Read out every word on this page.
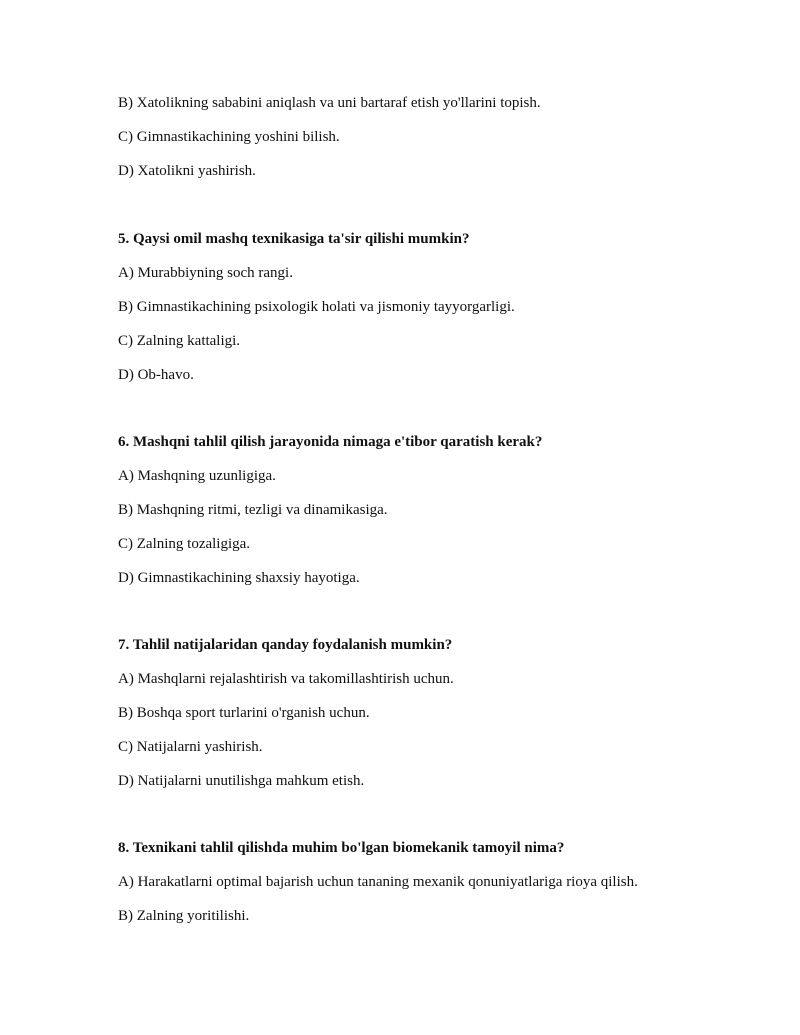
B) Xatolikning sababini aniqlash va uni bartaraf etish yo'llarini topish.
C) Gimnastikachining yoshini bilish.
D) Xatolikni yashirish.
5. Qaysi omil mashq texnikasiga ta'sir qilishi mumkin?
A) Murabbiyning soch rangi.
B) Gimnastikachining psixologik holati va jismoniy tayyorgarligi.
C) Zalning kattaligi.
D) Ob-havo.
6. Mashqni tahlil qilish jarayonida nimaga e'tibor qaratish kerak?
A) Mashqning uzunligiga.
B) Mashqning ritmi, tezligi va dinamikasiga.
C) Zalning tozaligiga.
D) Gimnastikachining shaxsiy hayotiga.
7. Tahlil natijalaridan qanday foydalanish mumkin?
A) Mashqlarni rejalashtirish va takomillashtirish uchun.
B) Boshqa sport turlarini o'rganish uchun.
C) Natijalarni yashirish.
D) Natijalarni unutilishga mahkum etish.
8. Texnikani tahlil qilishda muhim bo'lgan biomekanik tamoyil nima?
A) Harakatlarni optimal bajarish uchun tananing mexanik qonuniyatlariga rioya qilish.
B) Zalning yoritilishi.
